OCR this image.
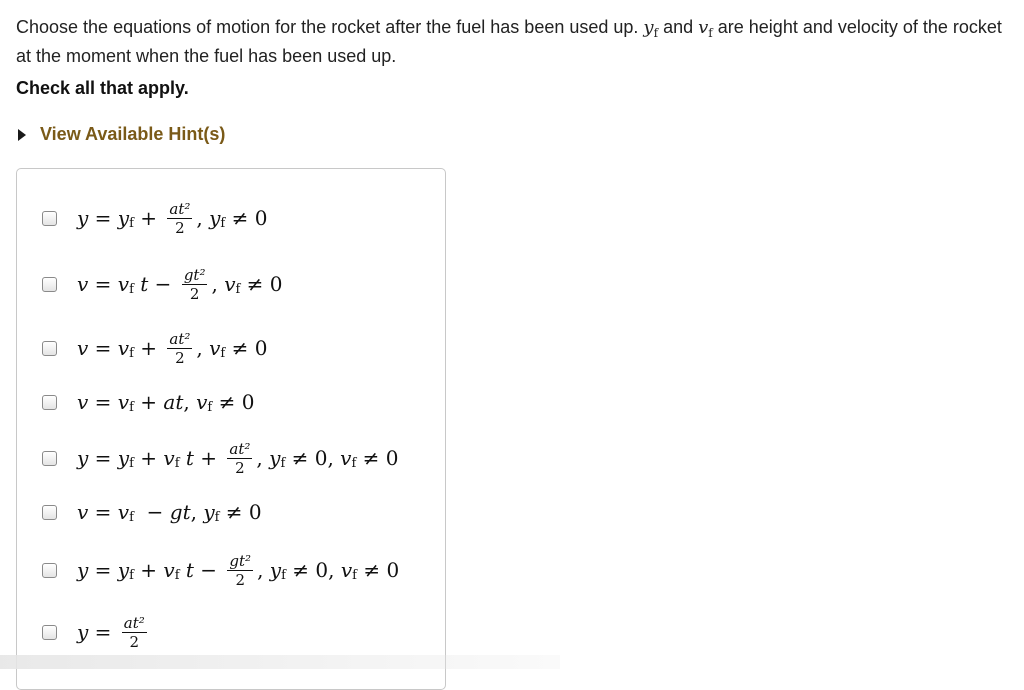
Choose the equations of motion for the rocket after the fuel has been used up. $y_f$ and $v_f$ are height and velocity of the rocket at the moment when the fuel has been used up.
Check all that apply.
View Available Hint(s)
y = y $f + \frac{\text{at²}}{2}$ , y f ≠ 0
v = v f
$t - \frac{\text{gt²}}{2}$ , v f ≠ 0
v = v $f + \frac{\text{at²}}{2}$ , v f ≠ 0
v = v f + at , v f ≠ 0
y = y f + v f
$t + \frac{\text{at²}}{2}$ , y f ≠ 0, v f ≠ 0
v = v f − gt , y f ≠ 0
y = y f + v f
$t - \frac{\text{gt²}}{2}$ , y f ≠ 0, v f ≠ 0
$y = \frac{\text{at²}}{2}$
